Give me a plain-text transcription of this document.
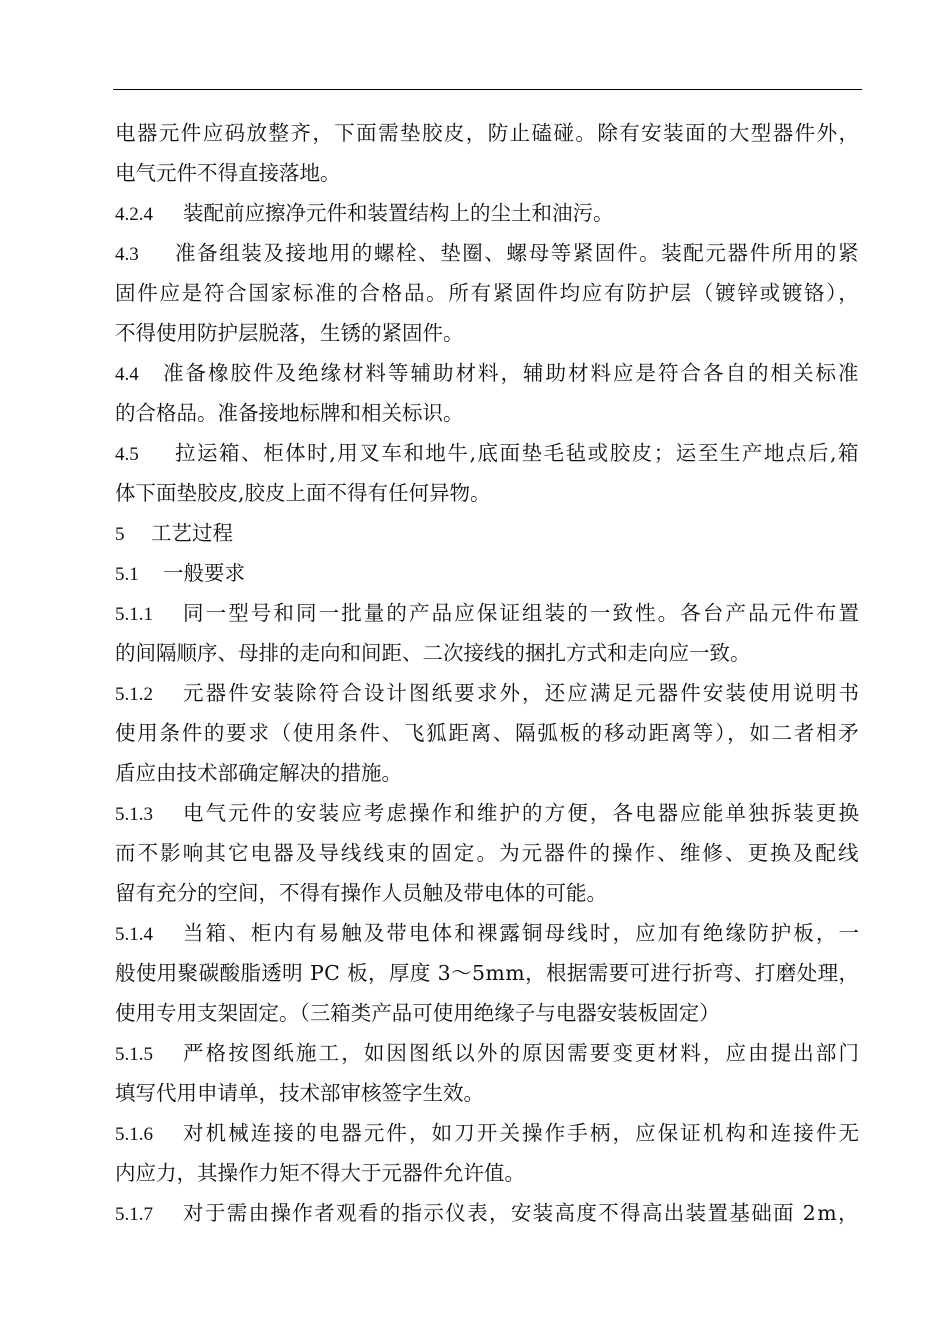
电器元件应码放整齐，下面需垫胶皮，防止磕碰。除有安装面的大型器件外，
电气元件不得直接落地。
4.2.4 装配前应擦净元件和装置结构上的尘土和油污。
4.3 准备组装及接地用的螺栓、垫圈、螺母等紧固件。装配元器件所用的紧
固件应是符合国家标准的合格品。所有紧固件均应有防护层（镀锌或镀铬），
不得使用防护层脱落，生锈的紧固件。
4.4 准备橡胶件及绝缘材料等辅助材料，辅助材料应是符合各自的相关标准
的合格品。准备接地标牌和相关标识。
4.5 拉运箱、柜体时,用叉车和地牛,底面垫毛毡或胶皮；运至生产地点后,箱
体下面垫胶皮,胶皮上面不得有任何异物。
5 工艺过程
5.1 一般要求
5.1.1 同一型号和同一批量的产品应保证组装的一致性。各台产品元件布置
的间隔顺序、母排的走向和间距、二次接线的捆扎方式和走向应一致。
5.1.2 元器件安装除符合设计图纸要求外，还应满足元器件安装使用说明书
使用条件的要求（使用条件、飞狐距离、隔弧板的移动距离等），如二者相矛
盾应由技术部确定解决的措施。
5.1.3 电气元件的安装应考虑操作和维护的方便，各电器应能单独拆装更换
而不影响其它电器及导线线束的固定。为元器件的操作、维修、更换及配线
留有充分的空间，不得有操作人员触及带电体的可能。
5.1.4 当箱、柜内有易触及带电体和裸露铜母线时，应加有绝缘防护板，一
般使用聚碳酸脂透明 PC 板，厚度 3～5mm，根据需要可进行折弯、打磨处理，
使用专用支架固定。（三箱类产品可使用绝缘子与电器安装板固定）
5.1.5 严格按图纸施工，如因图纸以外的原因需要变更材料，应由提出部门
填写代用申请单，技术部审核签字生效。
5.1.6 对机械连接的电器元件，如刀开关操作手柄，应保证机构和连接件无
内应力，其操作力矩不得大于元器件允许值。
5.1.7 对于需由操作者观看的指示仪表，安装高度不得高出装置基础面 2m，
